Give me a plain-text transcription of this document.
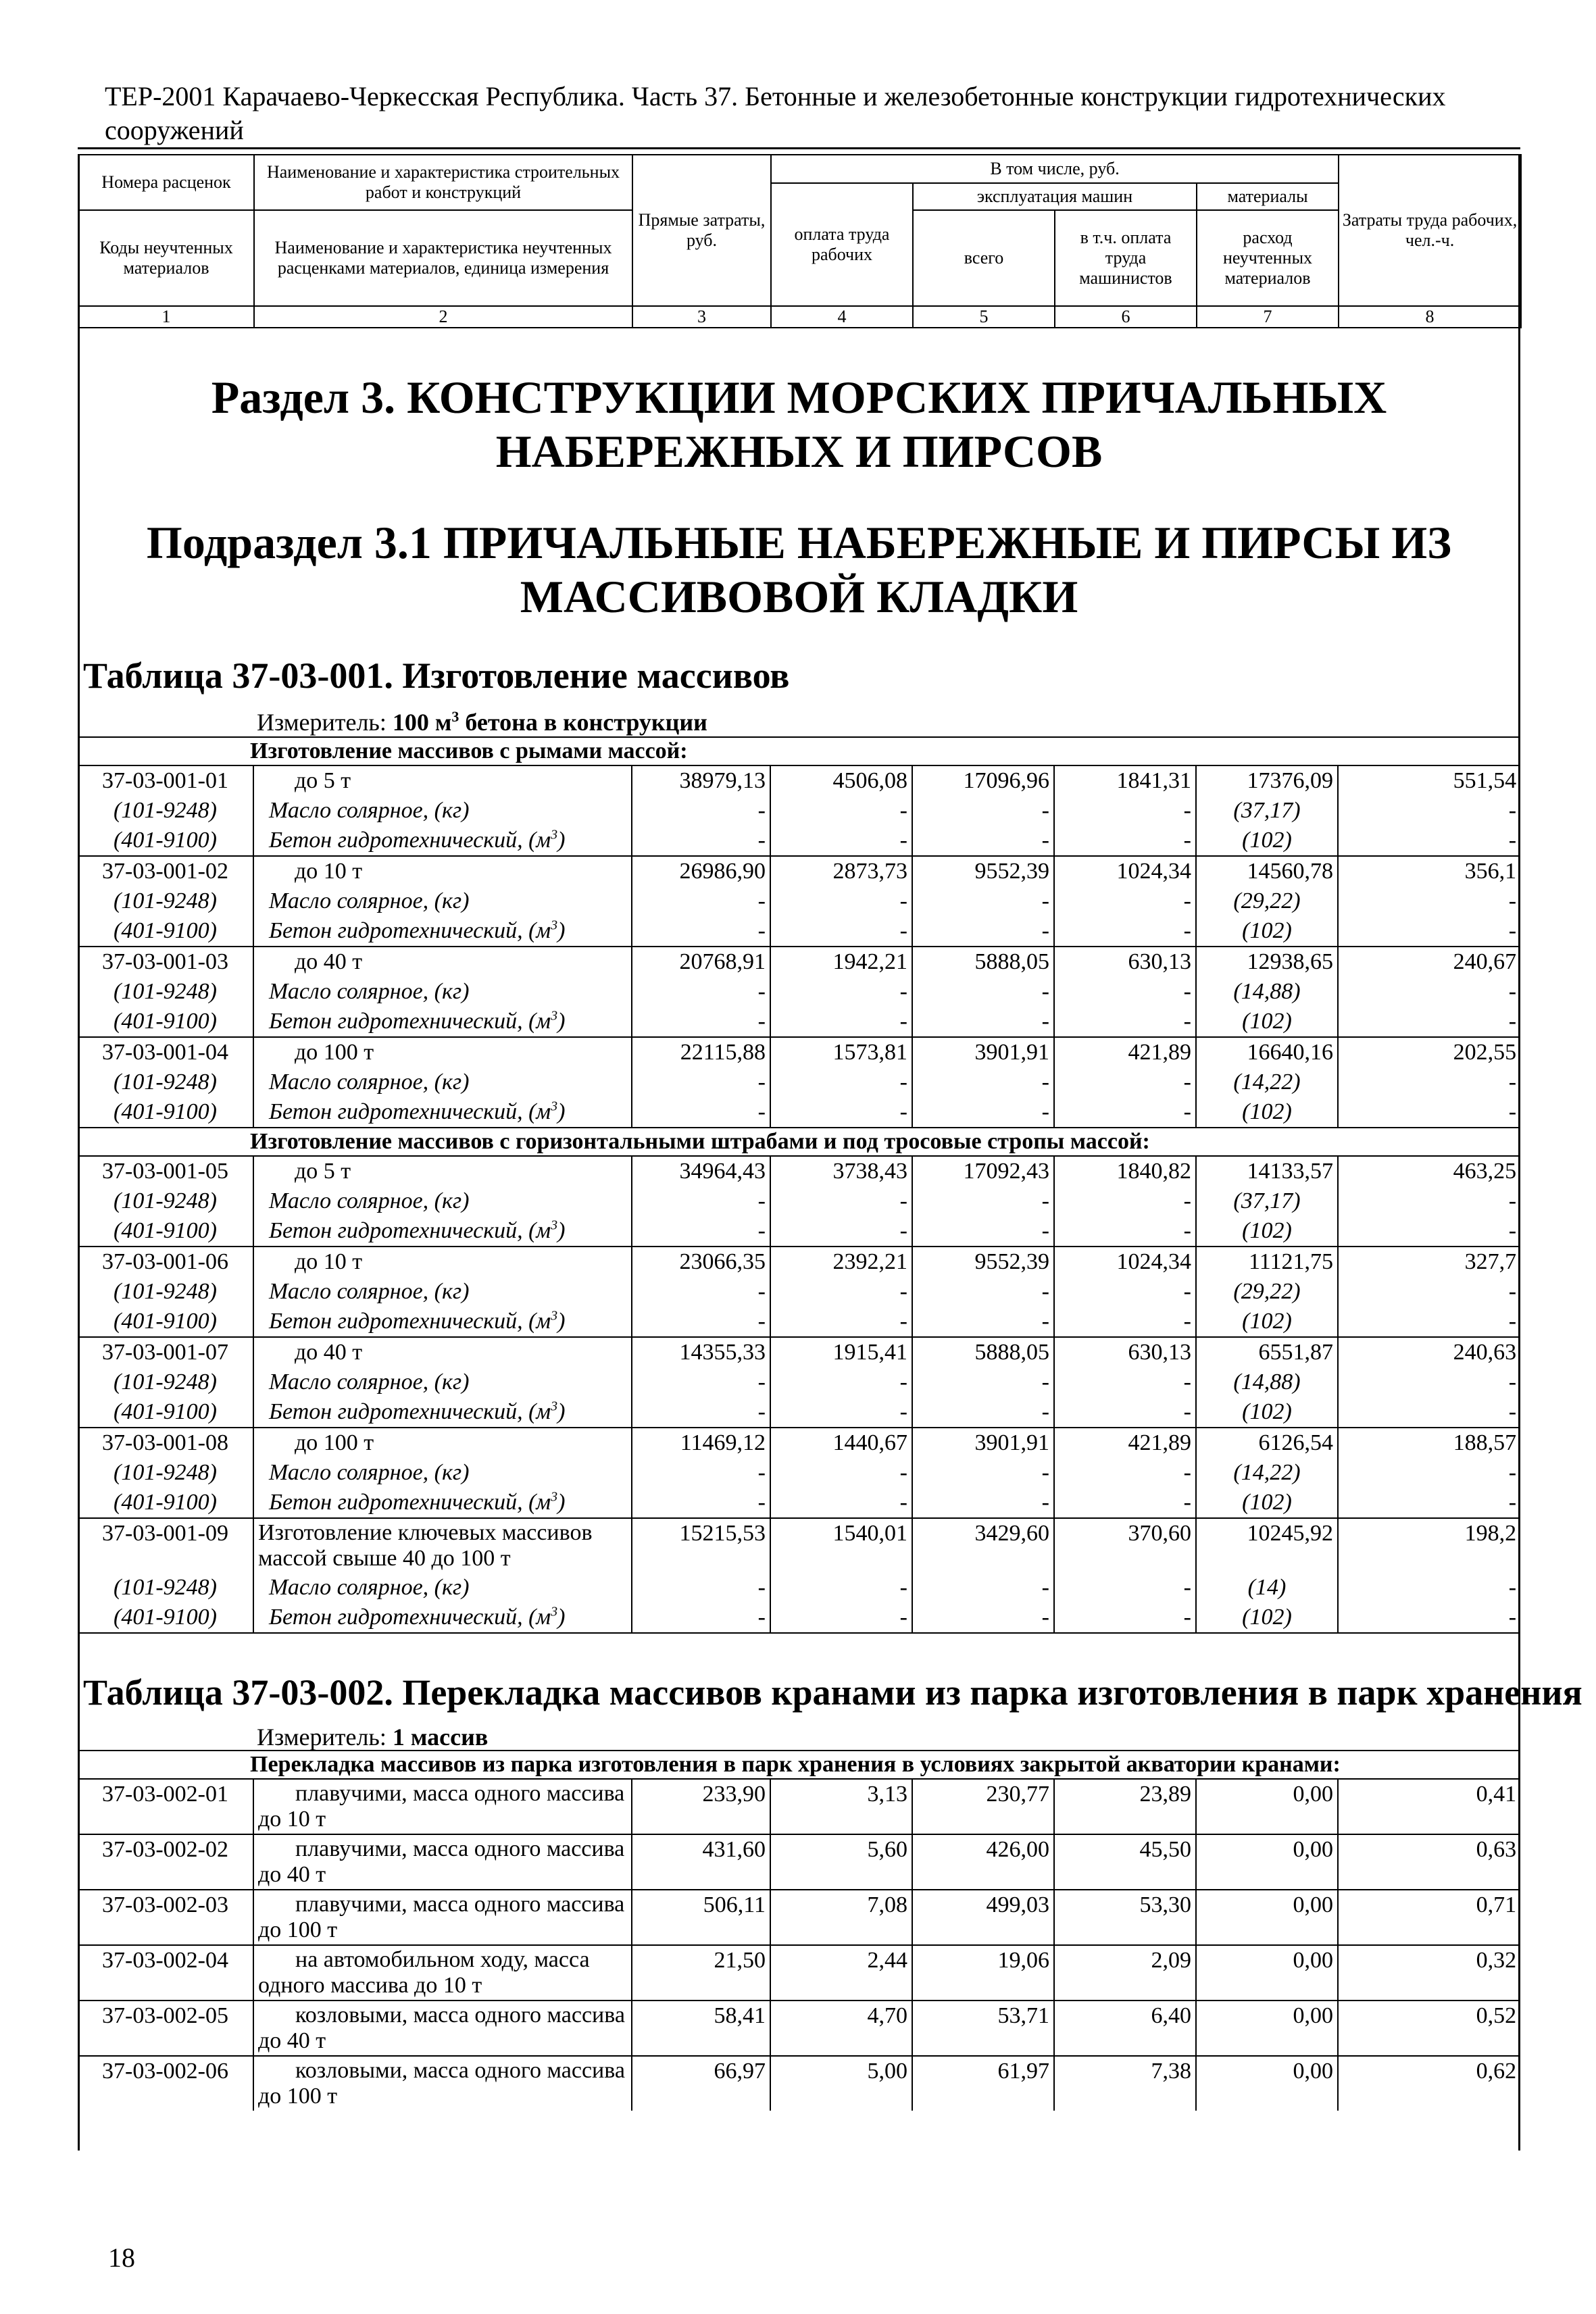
ТЕР-2001 Карачаево-Черкесская Республика. Часть 37. Бетонные и железобетонные конструкции гидротехнических сооружений
Номера расценок	Наименование и характеристика строительных работ и конструкций	Прямые затраты, руб.	В том числе, руб.				Затраты труда рабочих, чел.-ч.
			оплата труда рабочих	эксплуатация машин		материалы	
Коды неучтенных материалов	Наименование и характеристика неучтенных расценками материалов, единица измерения			всего	в т.ч. оплата труда машинистов	расход неучтенных материалов	
1	2	3	4	5	6	7	8
Раздел 3. КОНСТРУКЦИИ МОРСКИХ ПРИЧАЛЬНЫХ НАБЕРЕЖНЫХ И ПИРСОВ
Подраздел 3.1 ПРИЧАЛЬНЫЕ НАБЕРЕЖНЫЕ И ПИРСЫ ИЗ МАССИВОВОЙ КЛАДКИ
Таблица 37-03-001. Изготовление массивов
Измеритель: 100 $м^3$ бетона в конструкции
Изготовление массивов с рымами массой:							
37-03-001-01	до 5 т	38979,13	4506,08	17096,96	1841,31	17376,09	551,54
(101-9248)	Масло солярное, (кг)	-	-	-	-	(37,17)	-
(401-9100)	Бетон гидротехнический, $(м^3)$	-	-	-	-	(102)	-
37-03-001-02	до 10 т	26986,90	2873,73	9552,39	1024,34	14560,78	356,1
(101-9248)	Масло солярное, (кг)	-	-	-	-	(29,22)	-
(401-9100)	Бетон гидротехнический, $(м^3)$	-	-	-	-	(102)	-
37-03-001-03	до 40 т	20768,91	1942,21	5888,05	630,13	12938,65	240,67
(101-9248)	Масло солярное, (кг)	-	-	-	-	(14,88)	-
(401-9100)	Бетон гидротехнический, $(м^3)$	-	-	-	-	(102)	-
37-03-001-04	до 100 т	22115,88	1573,81	3901,91	421,89	16640,16	202,55
(101-9248)	Масло солярное, (кг)	-	-	-	-	(14,22)	-
(401-9100)	Бетон гидротехнический, $(м^3)$	-	-	-	-	(102)	-
Изготовление массивов с горизонтальными штрабами и под тросовые стропы массой:							
37-03-001-05	до 5 т	34964,43	3738,43	17092,43	1840,82	14133,57	463,25
(101-9248)	Масло солярное, (кг)	-	-	-	-	(37,17)	-
(401-9100)	Бетон гидротехнический, $(м^3)$	-	-	-	-	(102)	-
37-03-001-06	до 10 т	23066,35	2392,21	9552,39	1024,34	11121,75	327,7
(101-9248)	Масло солярное, (кг)	-	-	-	-	(29,22)	-
(401-9100)	Бетон гидротехнический, $(м^3)$	-	-	-	-	(102)	-
37-03-001-07	до 40 т	14355,33	1915,41	5888,05	630,13	6551,87	240,63
(101-9248)	Масло солярное, (кг)	-	-	-	-	(14,88)	-
(401-9100)	Бетон гидротехнический, $(м^3)$	-	-	-	-	(102)	-
37-03-001-08	до 100 т	11469,12	1440,67	3901,91	421,89	6126,54	188,57
(101-9248)	Масло солярное, (кг)	-	-	-	-	(14,22)	-
(401-9100)	Бетон гидротехнический, $(м^3)$	-	-	-	-	(102)	-
37-03-001-09	Изготовление ключевых массивов массой свыше 40 до 100 т	15215,53	1540,01	3429,60	370,60	10245,92	198,2
(101-9248)	Масло солярное, (кг)	-	-	-	-	(14)	-
(401-9100)	Бетон гидротехнический, $(м^3)$	-	-	-	-	(102)	-
Таблица 37-03-002. Перекладка массивов кранами из парка изготовления в парк хранения
Измеритель: 1 массив
Перекладка массивов из парка изготовления в парк хранения в условиях закрытой акватории кранами:							
37-03-002-01	плавучими, масса одного массива до 10 т	233,90	3,13	230,77	23,89	0,00	0,41
37-03-002-02	плавучими, масса одного массива до 40 т	431,60	5,60	426,00	45,50	0,00	0,63
37-03-002-03	плавучими, масса одного массива до 100 т	506,11	7,08	499,03	53,30	0,00	0,71
37-03-002-04	на автомобильном ходу, масса одного массива до 10 т	21,50	2,44	19,06	2,09	0,00	0,32
37-03-002-05	козловыми, масса одного массива до 40 т	58,41	4,70	53,71	6,40	0,00	0,52
37-03-002-06	козловыми, масса одного массива до 100 т	66,97	5,00	61,97	7,38	0,00	0,62
18
